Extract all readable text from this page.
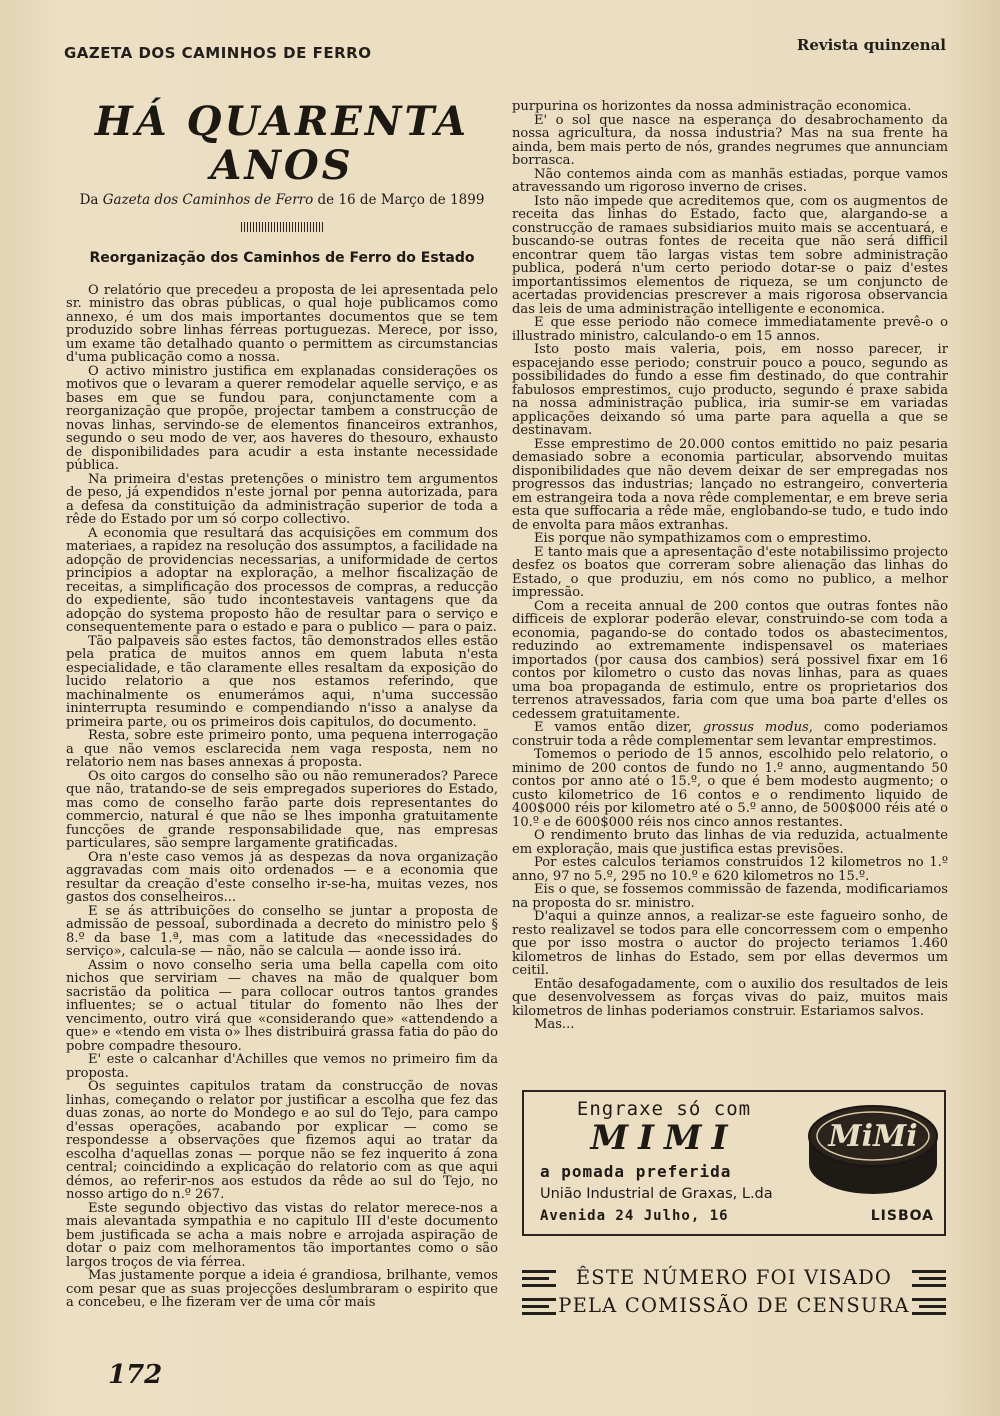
GAZETA DOS CAMINHOS DE FERRO	Revista quinzenal
HÁ QUARENTA ANOS
Da Gazeta dos Caminhos de Ferro de 16 de Março de 1899
Reorganização dos Caminhos de Ferro do Estado

O relatório que precedeu a proposta de lei apresentada pelo sr. ministro das obras públicas, o qual hoje publicamos como annexo, é um dos mais importantes documentos que se tem produzido sobre linhas férreas portuguezas. Merece, por isso, um exame tão detalhado quanto o permittem as circumstancias d'uma publicação como a nossa.

O activo ministro justifica em explanadas considerações os motivos que o levaram a querer remodelar aquelle serviço, e as bases em que se fundou para, conjunctamente com a reorganização que propõe, projectar tambem a construcção de novas linhas, servindo-se de elementos financeiros extranhos, segundo o seu modo de ver, aos haveres do thesouro, exhausto de disponibilidades para acudir a esta instante necessidade pública.

Na primeira d'estas pretenções o ministro tem argumentos de peso, já expendidos n'este jornal por penna autorizada, para a defesa da constituição da administração superior de toda a rêde do Estado por um só corpo collectivo.

A economia que resultará das acquisições em commum dos materiaes, a rapidez na resolução dos assumptos, a facilidade na adopção de providencias necessarias, a uniformidade de certos principios a adoptar na exploração, a melhor fiscalização de receitas, a simplificação dos processos de compras, a reducção do expediente, são tudo incontestaveis vantagens que da adopção do systema proposto hão de resultar para o serviço e consequentemente para o estado e para o publico — para o paiz.

Tão palpaveis são estes factos, tão demonstrados elles estão pela pratica de muitos annos em quem labuta n'esta especialidade, e tão claramente elles resaltam da exposição do lucido relatorio a que nos estamos referindo, que machinalmente os enumerámos aqui, n'uma successão ininterrupta resumindo e compendiando n'isso a analyse da primeira parte, ou os primeiros dois capitulos, do documento.

Resta, sobre este primeiro ponto, uma pequena interrogação a que não vemos esclarecida nem vaga resposta, nem no relatorio nem nas bases annexas á proposta.

Os oito cargos do conselho são ou não remunerados? Parece que não, tratando-se de seis empregados superiores do Estado, mas como de conselho farão parte dois representantes do commercio, natural é que não se lhes imponha gratuitamente funcções de grande responsabilidade que, nas empresas particulares, são sempre largamente gratificadas.

Ora n'este caso vemos já as despezas da nova organização aggravadas com mais oito ordenados — e a economia que resultar da creação d'este conselho ir-se-ha, muitas vezes, nos gastos dos conselheiros...

E se ás attribuições do conselho se juntar a proposta de admissão de pessoal, subordinada a decreto do ministro pelo § 8.º da base 1.ª, mas com a latitude das «necessidades do serviço», calcula-se — não, não se calcula — aonde isso irá.

Assim o novo conselho seria uma bella capella com oito nichos que serviriam — chaves na mão de qualquer bom sacristão da politica — para collocar outros tantos grandes influentes; se o actual titular do fomento não lhes der vencimento, outro virá que «considerando que» «attendendo a que» e «tendo em vista o» lhes distribuirá grassa fatia do pão do pobre compadre thesouro.

E' este o calcanhar d'Achilles que vemos no primeiro fim da proposta.

Os seguintes capitulos tratam da construcção de novas linhas, começando o relator por justificar a escolha que fez das duas zonas, ao norte do Mondego e ao sul do Tejo, para campo d'essas operações, acabando por explicar — como se respondesse a observações que fizemos aqui ao tratar da escolha d'aquellas zonas — porque não se fez inquerito á zona central; coincidindo a explicação do relatorio com as que aqui démos, ao referir-nos aos estudos da rêde ao sul do Tejo, no nosso artigo do n.º 267.

Este segundo objectivo das vistas do relator merece-nos a mais alevantada sympathia e no capitulo III d'este documento bem justificada se acha a mais nobre e arrojada aspiração de dotar o paiz com melhoramentos tão importantes como o são largos troços de via férrea.

Mas justamente porque a ideia é grandiosa, brilhante, vemos com pesar que as suas projecções deslumbraram o espirito que a concebeu, e lhe fizeram ver de uma côr mais

purpurina os horizontes da nossa administração economica.

E' o sol que nasce na esperança do desabrochamento da nossa agricultura, da nossa industria? Mas na sua frente ha ainda, bem mais perto de nós, grandes negrumes que annunciam borrasca.

Não contemos ainda com as manhãs estiadas, porque vamos atravessando um rigoroso inverno de crises.

Isto não impede que acreditemos que, com os augmentos de receita das linhas do Estado, facto que, alargando-se a construcção de ramaes subsidiarios muito mais se accentuará, e buscando-se outras fontes de receita que não será difficil encontrar quem tão largas vistas tem sobre administração publica, poderá n'um certo periodo dotar-se o paiz d'estes importantissimos elementos de riqueza, se um conjuncto de acertadas providencias prescrever a mais rigorosa observancia das leis de uma administração intelligente e economica.

E que esse periodo não comece immediatamente prevê-o o illustrado ministro, calculando-o em 15 annos.

Isto posto mais valeria, pois, em nosso parecer, ir espacejando esse periodo; construir pouco a pouco, segundo as possibilidades do fundo a esse fim destinado, do que contrahir fabulosos emprestimos, cujo producto, segundo é praxe sabida na nossa administração publica, iria sumir-se em variadas applicações deixando só uma parte para aquella a que se destinavam.

Esse emprestimo de 20.000 contos emittido no paiz pesaria demasiado sobre a economia particular, absorvendo muitas disponibilidades que não devem deixar de ser empregadas nos progressos das industrias; lançado no estrangeiro, converteria em estrangeira toda a nova rêde complementar, e em breve seria esta que suffocaria a rêde mãe, englobando-se tudo, e tudo indo de envolta para mãos extranhas.

Eis porque não sympathizamos com o emprestimo.

E tanto mais que a apresentação d'este notabilissimo projecto desfez os boatos que correram sobre alienação das linhas do Estado, o que produziu, em nós como no publico, a melhor impressão.

Com a receita annual de 200 contos que outras fontes não difficeis de explorar poderão elevar, construindo-se com toda a economia, pagando-se do contado todos os abastecimentos, reduzindo ao extremamente indispensavel os materiaes importados (por causa dos cambios) será possivel fixar em 16 contos por kilometro o custo das novas linhas, para as quaes uma boa propaganda de estimulo, entre os proprietarios dos terrenos atravessados, faria com que uma boa parte d'elles os cedessem gratuitamente.

E vamos então dizer, grossus modus, como poderiamos construir toda a rêde complementar sem levantar emprestimos.

Tomemos o periodo de 15 annos, escolhido pelo relatorio, o minimo de 200 contos de fundo no 1.º anno, augmentando 50 contos por anno até o 15.º, o que é bem modesto augmento; o custo kilometrico de 16 contos e o rendimento liquido de 400$000 réis por kilometro até o 5.º anno, de 500$000 réis até o 10.º e de 600$000 réis nos cinco annos restantes.

O rendimento bruto das linhas de via reduzida, actualmente em exploração, mais que justifica estas previsões.

Por estes calculos teriamos construidos 12 kilometros no 1.º anno, 97 no 5.º, 295 no 10.º e 620 kilometros no 15.º.

Eis o que, se fossemos commissão de fazenda, modificariamos na proposta do sr. ministro.

D'aqui a quinze annos, a realizar-se este fagueiro sonho, de resto realizavel se todos para elle concorressem com o empenho que por isso mostra o auctor do projecto teriamos 1.460 kilometros de linhas do Estado, sem por ellas devermos um ceitil.

Então desafogadamente, com o auxilio dos resultados de leis que desenvolvessem as forças vivas do paiz, muitos mais kilometros de linhas poderiamos construir. Estariamos salvos.

Mas...

Engraxe só com
MIMI
a pomada preferida
União Industrial de Graxas, L.da
Avenida 24 Julho, 16	LISBOA
MiMi
ÊSTE NÚMERO FOI VISADO
PELA COMISSÃO DE CENSURA
172
